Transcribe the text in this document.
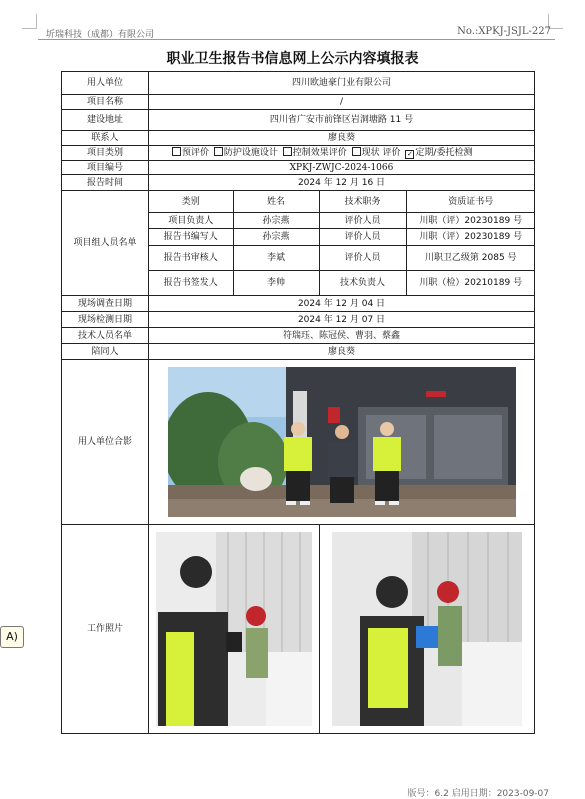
圻瑞科技（成都）有限公司	No.:XPKJ-JSJL-227
职业卫生报告书信息网上公示内容填报表
用人单位	四川欧迪豪门业有限公司
项目名称	/
建设地址	四川省广安市前锋区岩洞塘路 11 号
联系人	廖良葵
项目类别	预评价 防护设施设计 控制效果评价 现状 评价 ✓ 定期/委托检测
项目编号	XPKJ-ZWJC-2024-1066
报告时间	2024 年 12 月 16 日
项目组人员名单	
类别	姓名	技术职务	资质证书号
项目负责人	孙宗燕	评价人员	川职（评）20230189 号
报告书编写人	孙宗燕	评价人员	川职（评）20230189 号
报告书审核人	李斌	评价人员	川职卫乙级第 2085 号
报告书签发人	李帅	技术负责人	川职（检）20210189 号

现场调查日期	2024 年 12 月 04 日
现场检测日期	2024 年 12 月 07 日
技术人员名单	符瑞珏、陈冠侯、曹羽、蔡鑫
陪同人	廖良葵
用人单位合影	

工作照片	
A)
版号：6.2 启用日期：2023-09-07
